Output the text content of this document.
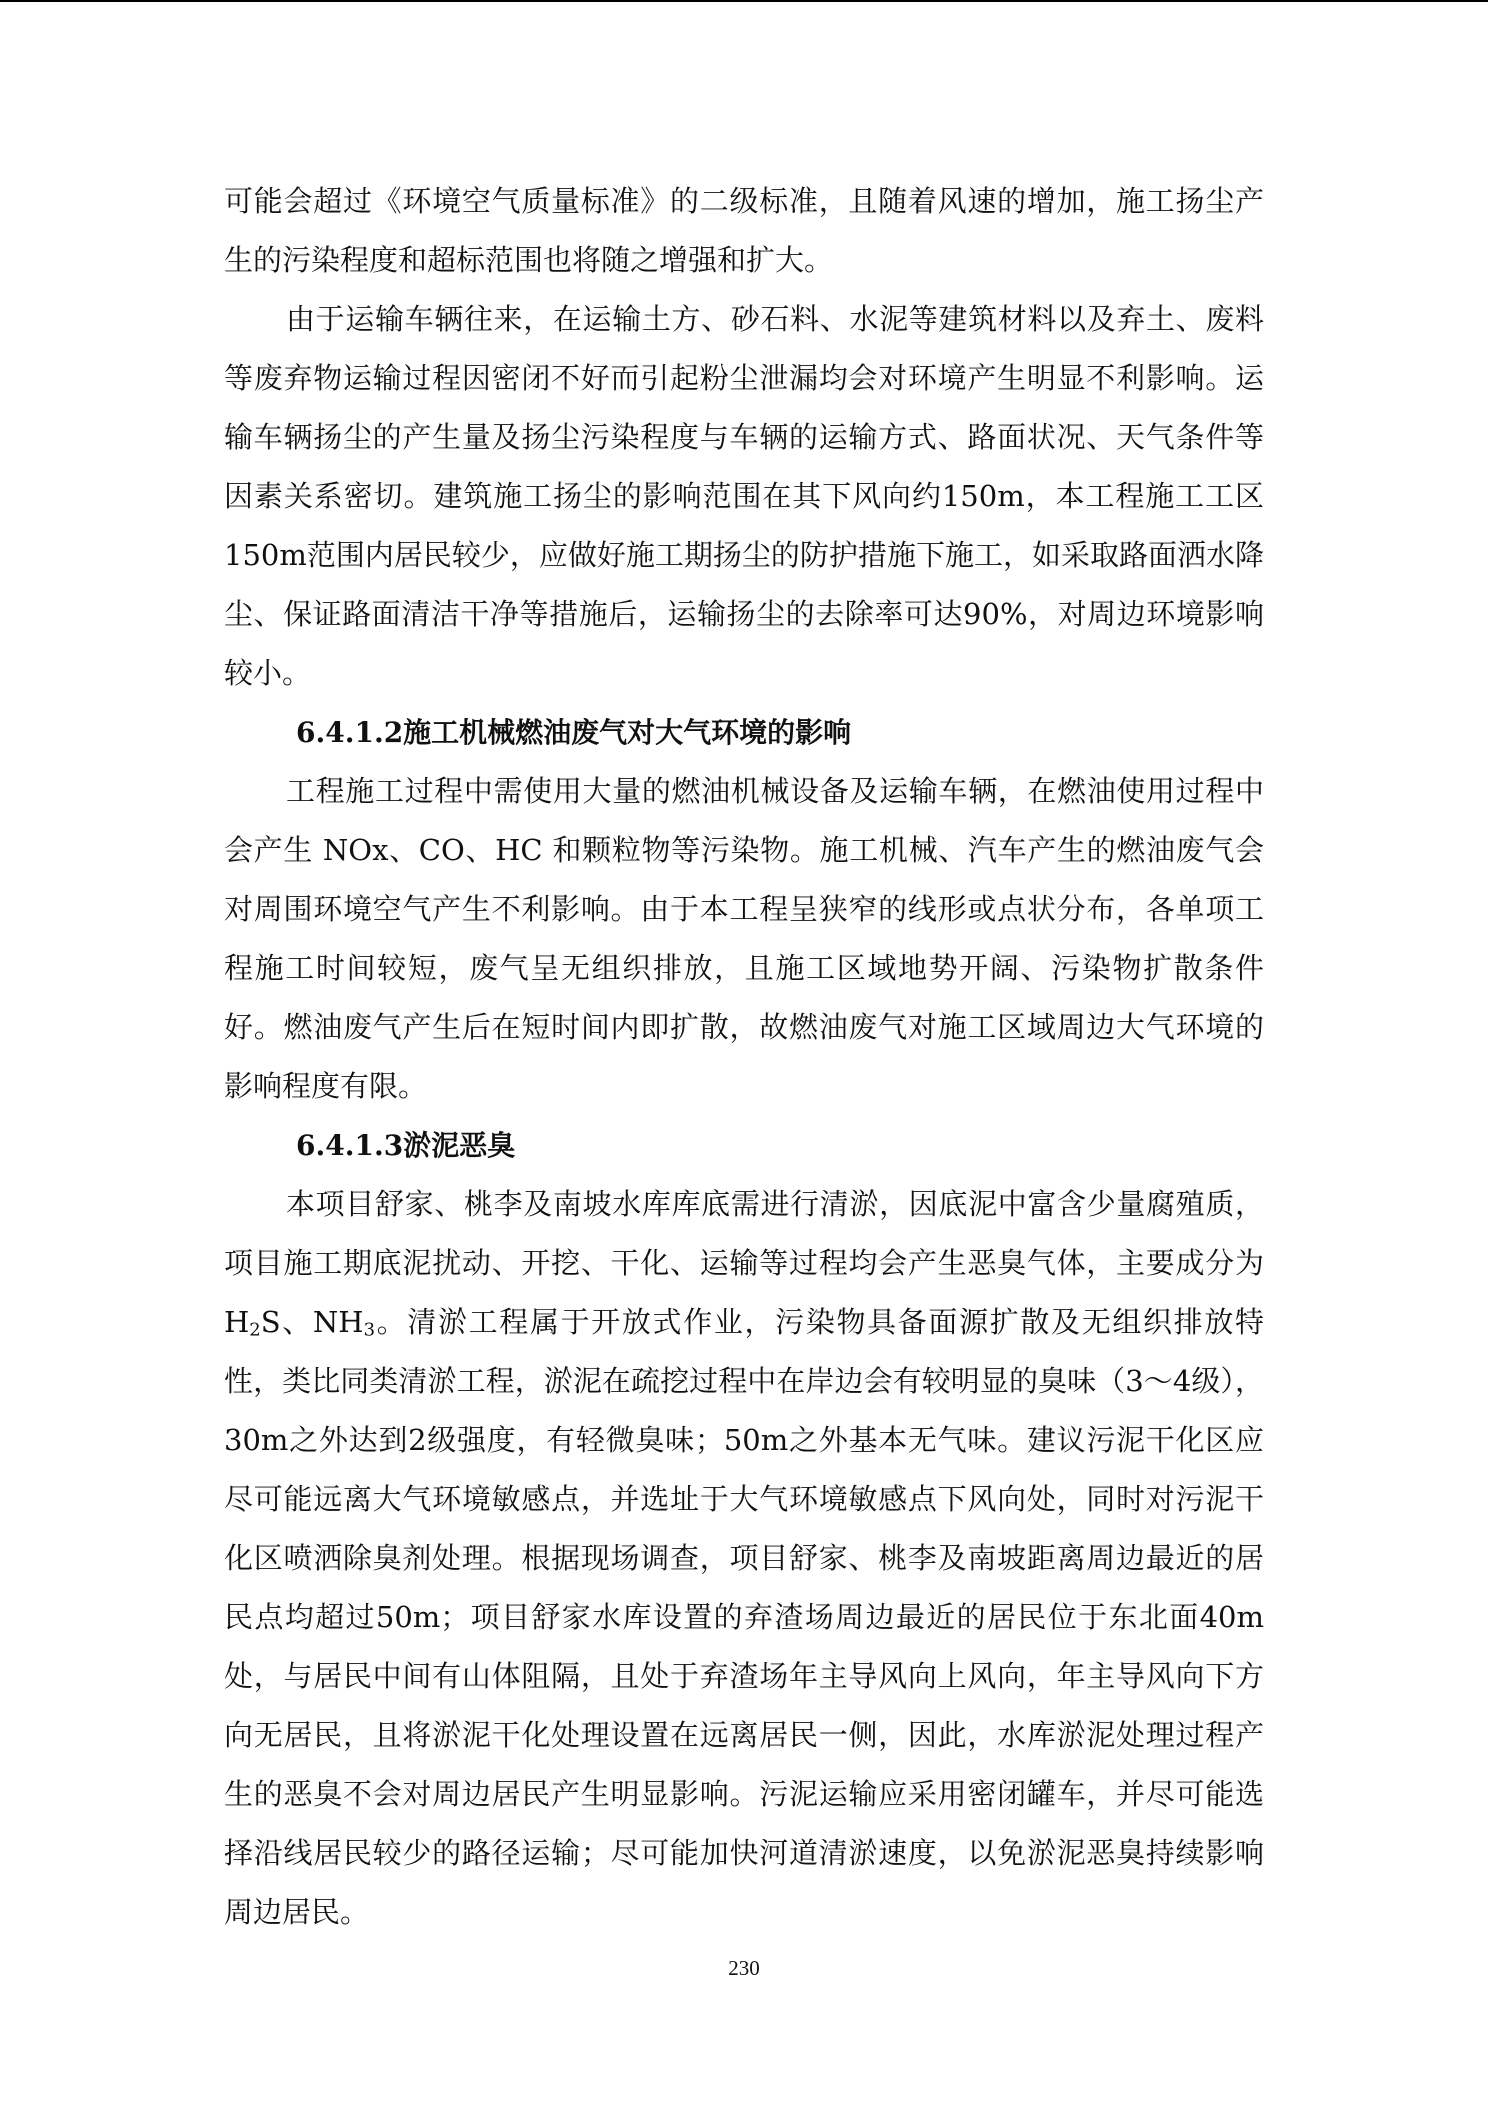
可能会超过《环境空气质量标准》的二级标准，且随着风速的增加，施工扬尘产生的污染程度和超标范围也将随之增强和扩大。

由于运输车辆往来，在运输土方、砂石料、水泥等建筑材料以及弃土、废料等废弃物运输过程因密闭不好而引起粉尘泄漏均会对环境产生明显不利影响。运输车辆扬尘的产生量及扬尘污染程度与车辆的运输方式、路面状况、天气条件等因素关系密切。建筑施工扬尘的影响范围在其下风向约150m，本工程施工工区150m范围内居民较少，应做好施工期扬尘的防护措施下施工，如采取路面洒水降尘、保证路面清洁干净等措施后，运输扬尘的去除率可达90%，对周边环境影响较小。

6.4.1.2施工机械燃油废气对大气环境的影响

工程施工过程中需使用大量的燃油机械设备及运输车辆，在燃油使用过程中会产生 NOx、CO、HC 和颗粒物等污染物。施工机械、汽车产生的燃油废气会对周围环境空气产生不利影响。由于本工程呈狭窄的线形或点状分布，各单项工程施工时间较短，废气呈无组织排放，且施工区域地势开阔、污染物扩散条件好。燃油废气产生后在短时间内即扩散，故燃油废气对施工区域周边大气环境的影响程度有限。

6.4.1.3淤泥恶臭

本项目舒家、桃李及南坡水库库底需进行清淤，因底泥中富含少量腐殖质，项目施工期底泥扰动、开挖、干化、运输等过程均会产生恶臭气体，主要成分为$H_2S$、$NH_3$。清淤工程属于开放式作业，污染物具备面源扩散及无组织排放特性，类比同类清淤工程，淤泥在疏挖过程中在岸边会有较明显的臭味（3～4级），30m之外达到2级强度，有轻微臭味；50m之外基本无气味。建议污泥干化区应尽可能远离大气环境敏感点，并选址于大气环境敏感点下风向处，同时对污泥干化区喷洒除臭剂处理。根据现场调查，项目舒家、桃李及南坡距离周边最近的居民点均超过50m；项目舒家水库设置的弃渣场周边最近的居民位于东北面40m处，与居民中间有山体阻隔，且处于弃渣场年主导风向上风向，年主导风向下方向无居民，且将淤泥干化处理设置在远离居民一侧，因此，水库淤泥处理过程产生的恶臭不会对周边居民产生明显影响。污泥运输应采用密闭罐车，并尽可能选择沿线居民较少的路径运输；尽可能加快河道清淤速度，以免淤泥恶臭持续影响周边居民。

230
